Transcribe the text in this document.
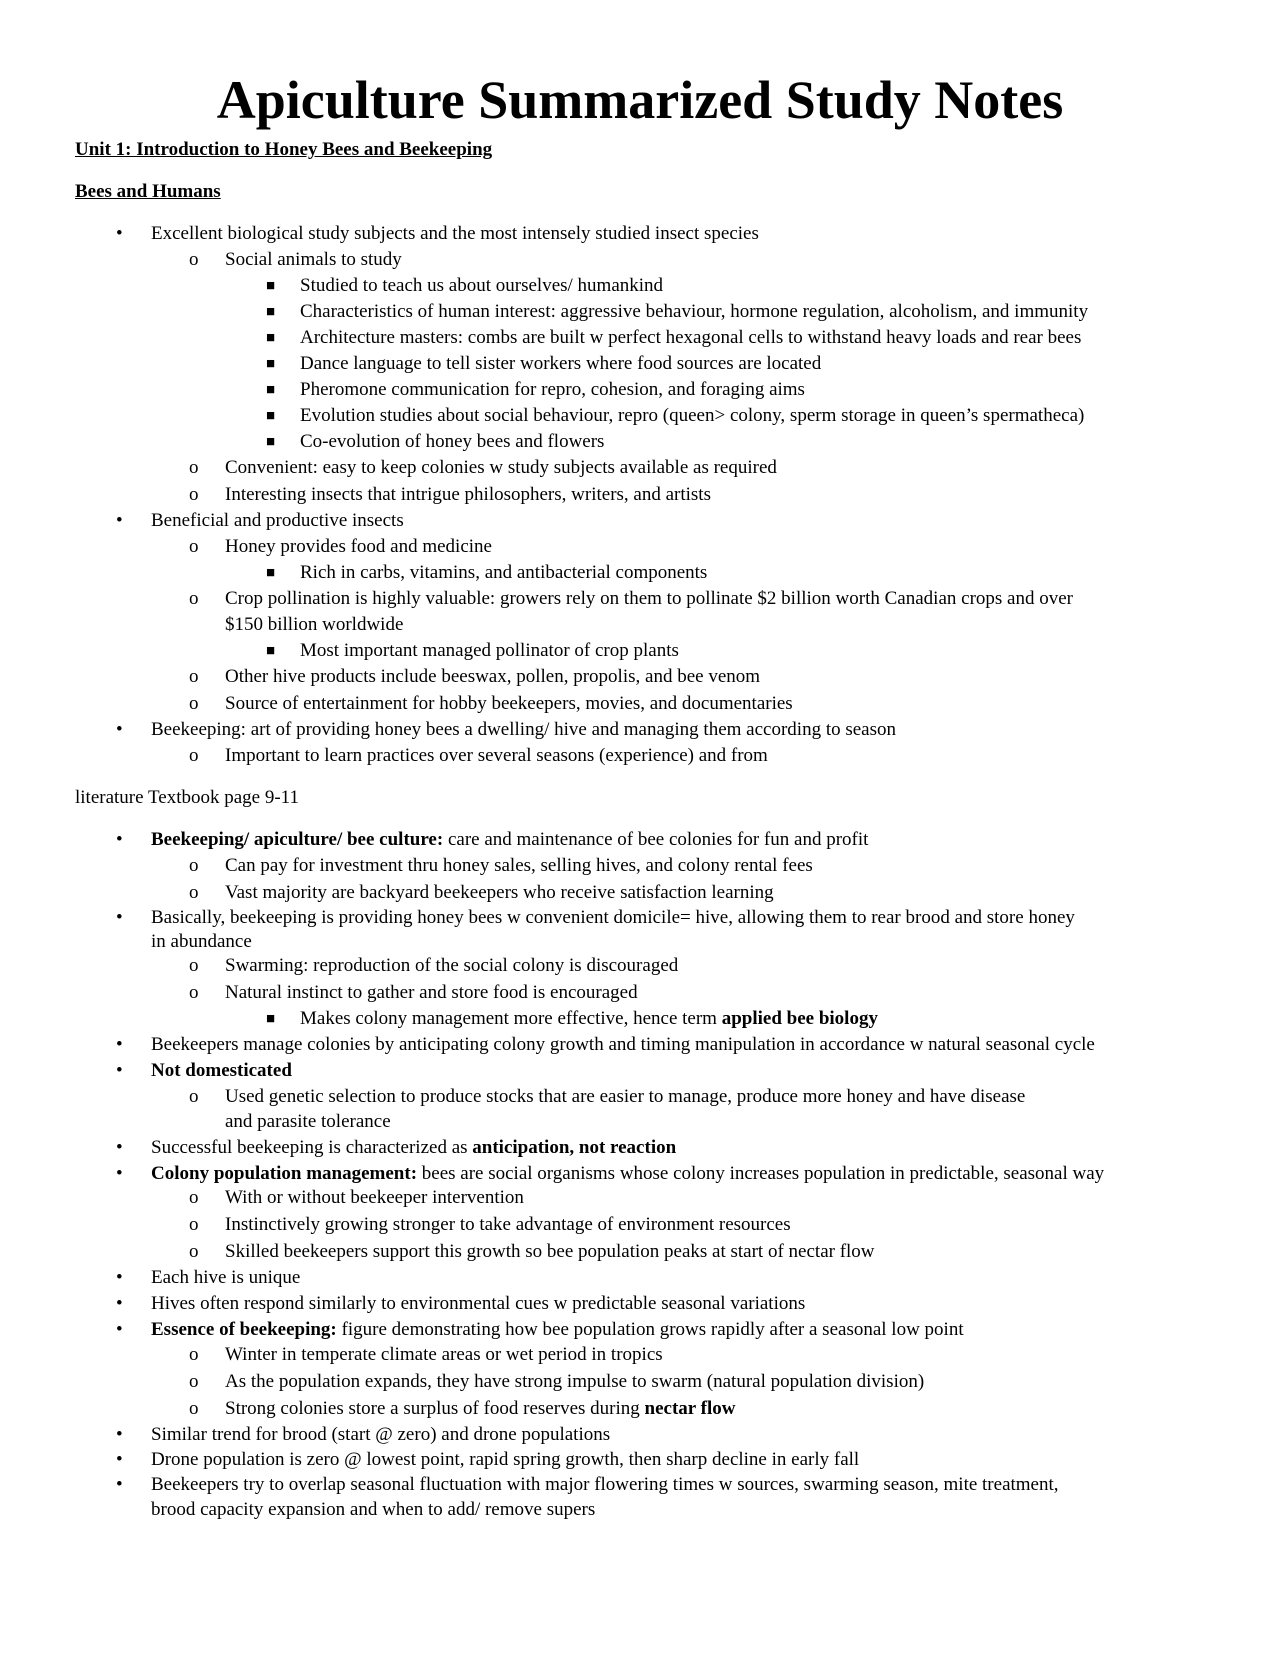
Apiculture Summarized Study Notes
Unit 1: Introduction to Honey Bees and Beekeeping
Bees and Humans
• Excellent biological study subjects and the most intensely studied insect species
o Social animals to study
■ Studied to teach us about ourselves/ humankind
■ Characteristics of human interest: aggressive behaviour, hormone regulation, alcoholism, and immunity
■ Architecture masters: combs are built w perfect hexagonal cells to withstand heavy loads and rear bees
■ Dance language to tell sister workers where food sources are located
■ Pheromone communication for repro, cohesion, and foraging aims
■ Evolution studies about social behaviour, repro (queen> colony, sperm storage in queen’s spermatheca)
■ Co-evolution of honey bees and flowers
o Convenient: easy to keep colonies w study subjects available as required
o Interesting insects that intrigue philosophers, writers, and artists
• Beneficial and productive insects
o Honey provides food and medicine
■ Rich in carbs, vitamins, and antibacterial components
o Crop pollination is highly valuable: growers rely on them to pollinate $2 billion worth Canadian crops and over
$150 billion worldwide
■ Most important managed pollinator of crop plants
o Other hive products include beeswax, pollen, propolis, and bee venom
o Source of entertainment for hobby beekeepers, movies, and documentaries
• Beekeeping: art of providing honey bees a dwelling/ hive and managing them according to season
o Important to learn practices over several seasons (experience) and from
literature Textbook page 9-11
• Beekeeping/ apiculture/ bee culture: care and maintenance of bee colonies for fun and profit
o Can pay for investment thru honey sales, selling hives, and colony rental fees
o Vast majority are backyard beekeepers who receive satisfaction learning
• Basically, beekeeping is providing honey bees w convenient domicile= hive, allowing them to rear brood and store honey
in abundance
o Swarming: reproduction of the social colony is discouraged
o Natural instinct to gather and store food is encouraged
■ Makes colony management more effective, hence term applied bee biology
• Beekeepers manage colonies by anticipating colony growth and timing manipulation in accordance w natural seasonal cycle
• Not domesticated
o Used genetic selection to produce stocks that are easier to manage, produce more honey and have disease
and parasite tolerance
• Successful beekeeping is characterized as anticipation, not reaction
• Colony population management: bees are social organisms whose colony increases population in predictable, seasonal way
o With or without beekeeper intervention
o Instinctively growing stronger to take advantage of environment resources
o Skilled beekeepers support this growth so bee population peaks at start of nectar flow
• Each hive is unique
• Hives often respond similarly to environmental cues w predictable seasonal variations
• Essence of beekeeping: figure demonstrating how bee population grows rapidly after a seasonal low point
o Winter in temperate climate areas or wet period in tropics
o As the population expands, they have strong impulse to swarm (natural population division)
o Strong colonies store a surplus of food reserves during nectar flow
• Similar trend for brood (start @ zero) and drone populations
• Drone population is zero @ lowest point, rapid spring growth, then sharp decline in early fall
• Beekeepers try to overlap seasonal fluctuation with major flowering times w sources, swarming season, mite treatment,
brood capacity expansion and when to add/ remove supers
